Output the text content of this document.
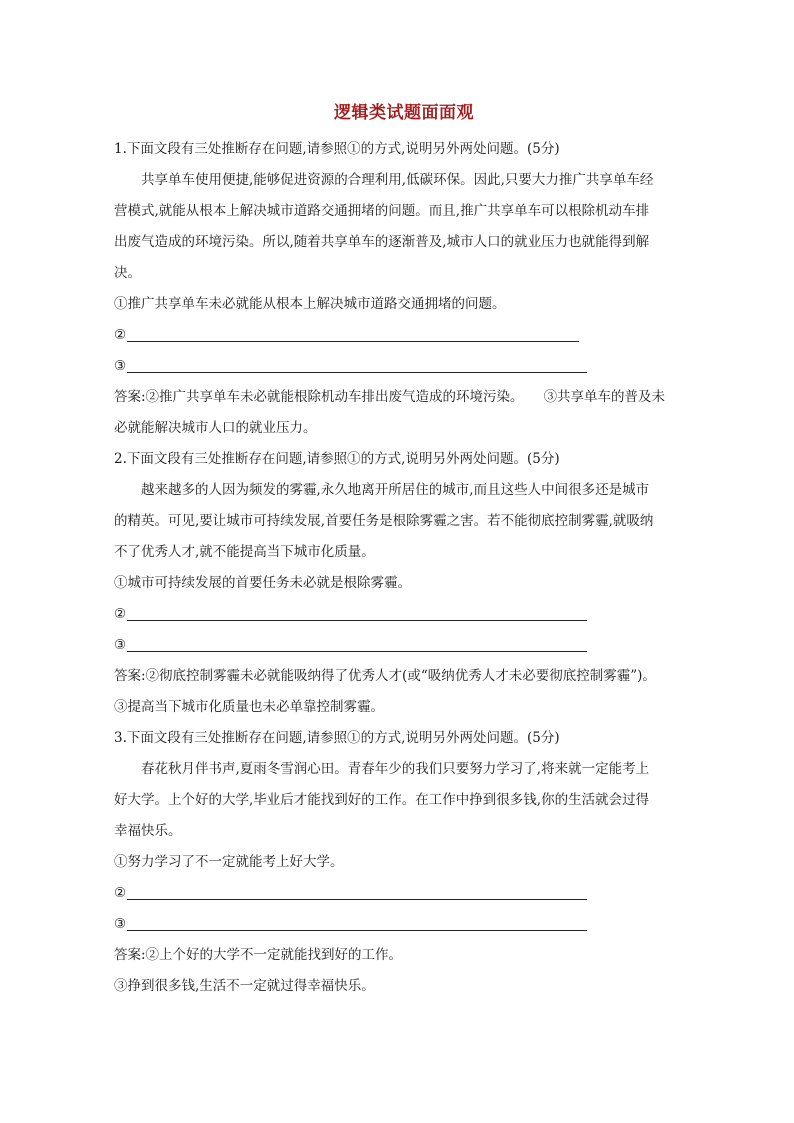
逻辑类试题面面观
1.下面文段有三处推断存在问题,请参照①的方式,说明另外两处问题。(5分)
共享单车使用便捷,能够促进资源的合理利用,低碳环保。因此,只要大力推广共享单车经
营模式,就能从根本上解决城市道路交通拥堵的问题。而且,推广共享单车可以根除机动车排
出废气造成的环境污染。所以,随着共享单车的逐渐普及,城市人口的就业压力也就能得到解
决。
①推广共享单车未必就能从根本上解决城市道路交通拥堵的问题。
②
③
答案:②推广共享单车未必就能根除机动车排出废气造成的环境污染。 ③共享单车的普及未
必就能解决城市人口的就业压力。
2.下面文段有三处推断存在问题,请参照①的方式,说明另外两处问题。(5分)
越来越多的人因为频发的雾霾,永久地离开所居住的城市,而且这些人中间很多还是城市
的精英。可见,要让城市可持续发展,首要任务是根除雾霾之害。若不能彻底控制雾霾,就吸纳
不了优秀人才,就不能提高当下城市化质量。
①城市可持续发展的首要任务未必就是根除雾霾。
②
③
答案:②彻底控制雾霾未必就能吸纳得了优秀人才(或“吸纳优秀人才未必要彻底控制雾霾”)。
③提高当下城市化质量也未必单靠控制雾霾。
3.下面文段有三处推断存在问题,请参照①的方式,说明另外两处问题。(5分)
春花秋月伴书声,夏雨冬雪润心田。青春年少的我们只要努力学习了,将来就一定能考上
好大学。上个好的大学,毕业后才能找到好的工作。在工作中挣到很多钱,你的生活就会过得
幸福快乐。
①努力学习了不一定就能考上好大学。
②
③
答案:②上个好的大学不一定就能找到好的工作。
③挣到很多钱,生活不一定就过得幸福快乐。
